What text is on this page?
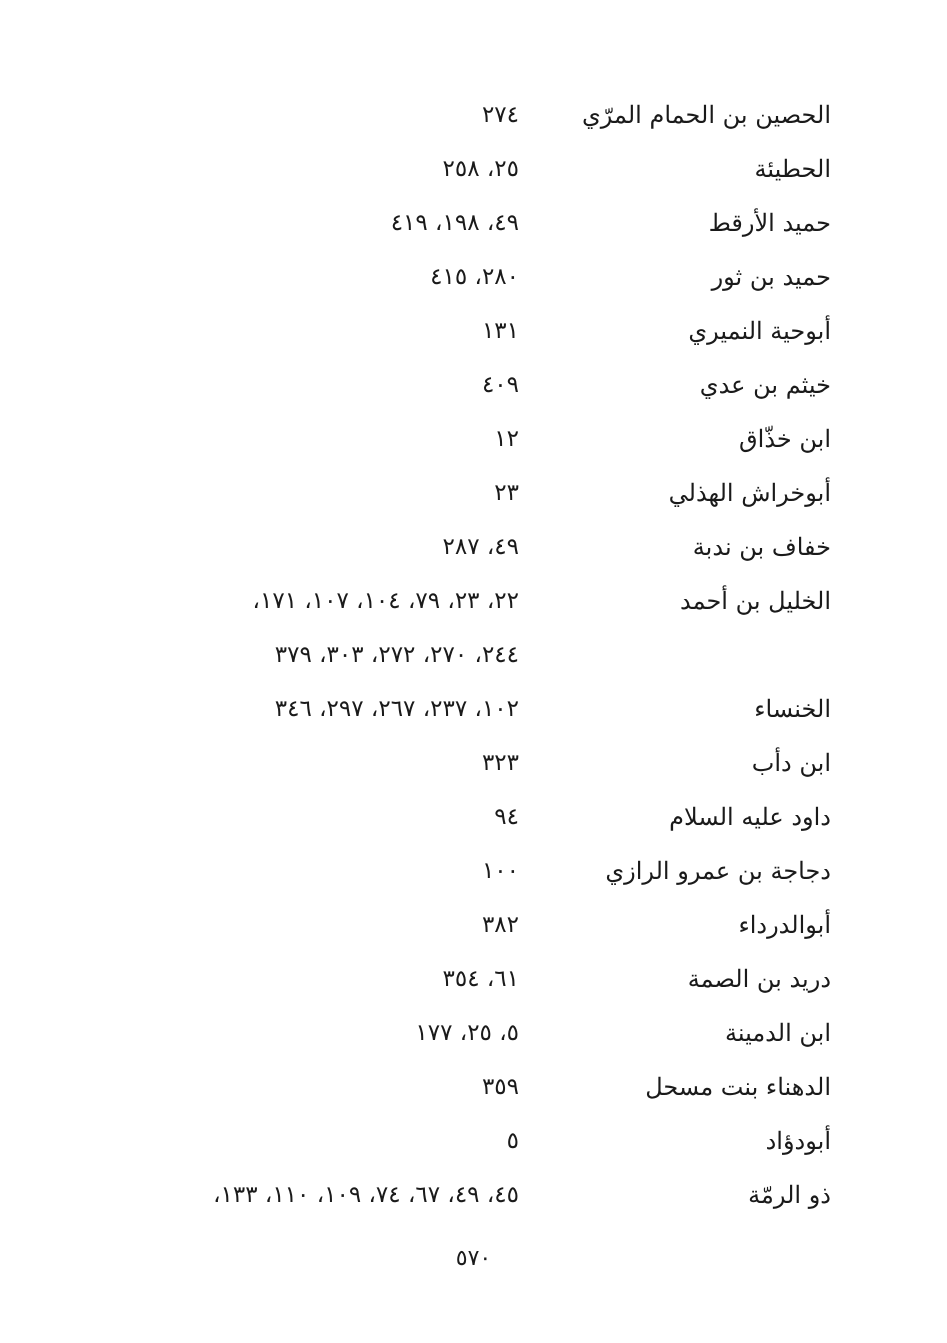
الحصين بن الحمام المرّي
٢٧٤
الحطيئة
٢٥، ٢٥٨
حميد الأرقط
٤٩، ١٩٨، ٤١٩
حميد بن ثور
٢٨٠، ٤١٥
أبوحية النميري
١٣١
خيثم بن عدي
٤٠٩
ابن خذّاق
١٢
أبوخراش الهذلي
٢٣
خفاف بن ندبة
٤٩، ٢٨٧
الخليل بن أحمد
٢٢، ٢٣، ٧٩، ١٠٤، ١٠٧، ١٧١،
٢٤٤، ٢٧٠، ٢٧٢، ٣٠٣، ٣٧٩
الخنساء
١٠٢، ٢٣٧، ٢٦٧، ٢٩٧، ٣٤٦
ابن دأب
٣٢٣
داود عليه السلام
٩٤
دجاجة بن عمرو الرازي
١٠٠
أبوالدرداء
٣٨٢
دريد بن الصمة
٦١، ٣٥٤
ابن الدمينة
٥، ٢٥، ١٧٧
الدهناء بنت مسحل
٣٥٩
أبودؤاد
٥
ذو الرمّة
٤٥، ٤٩، ٦٧، ٧٤، ١٠٩، ١١٠، ١٣٣،
٥٧٠
